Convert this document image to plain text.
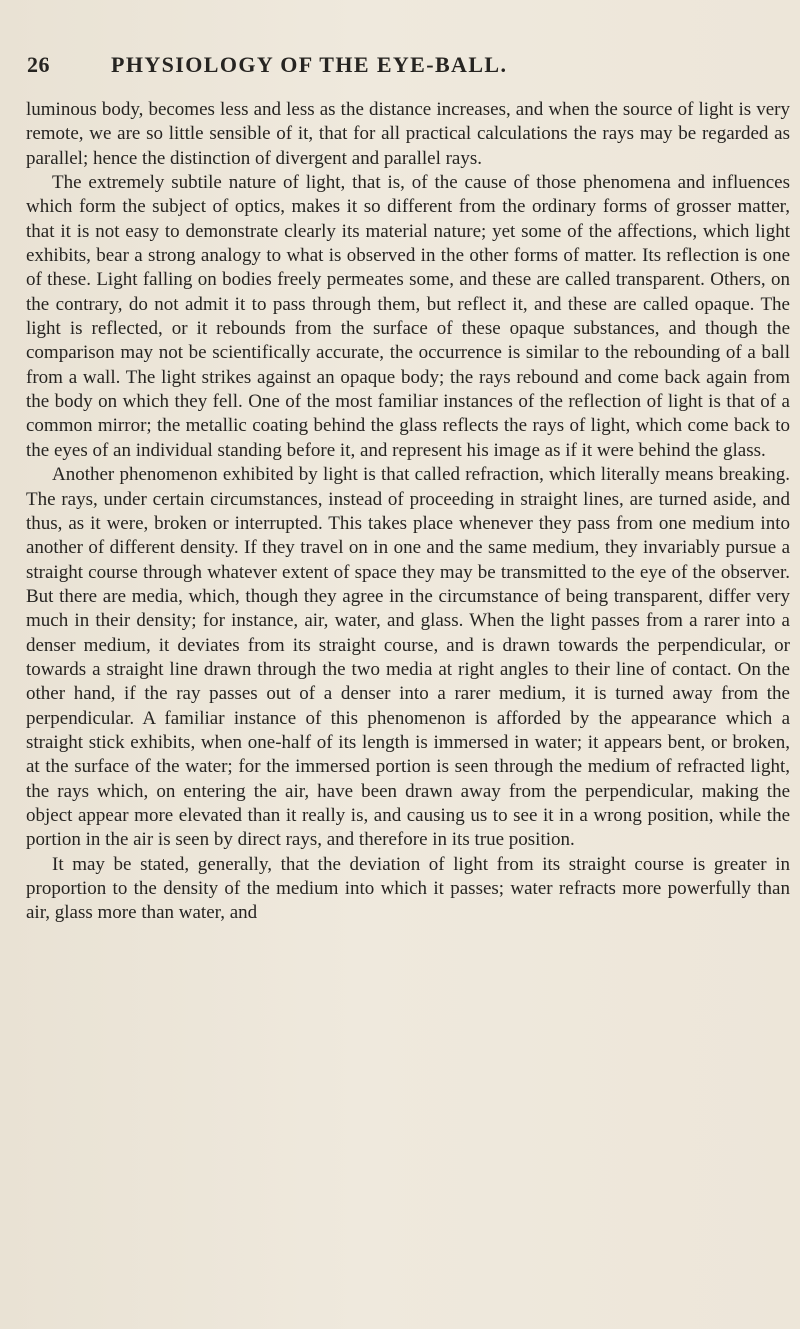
26	PHYSIOLOGY OF THE EYE-BALL.

luminous body, becomes less and less as the distance increases, and when the source of light is very remote, we are so little sensible of it, that for all practical calculations the rays may be regarded as parallel; hence the distinction of divergent and parallel rays.

The extremely subtile nature of light, that is, of the cause of those phenomena and influences which form the subject of optics, makes it so different from the ordinary forms of grosser matter, that it is not easy to demonstrate clearly its material nature; yet some of the affections, which light exhibits, bear a strong analogy to what is observed in the other forms of matter. Its reflection is one of these. Light falling on bodies freely permeates some, and these are called transparent. Others, on the contrary, do not admit it to pass through them, but reflect it, and these are called opaque. The light is reflected, or it rebounds from the surface of these opaque substances, and though the comparison may not be scientifically accurate, the occurrence is similar to the rebounding of a ball from a wall. The light strikes against an opaque body; the rays rebound and come back again from the body on which they fell. One of the most familiar instances of the reflection of light is that of a common mirror; the metallic coating behind the glass reflects the rays of light, which come back to the eyes of an individual standing before it, and represent his image as if it were behind the glass.

Another phenomenon exhibited by light is that called refraction, which literally means breaking. The rays, under certain circumstances, instead of proceeding in straight lines, are turned aside, and thus, as it were, broken or interrupted. This takes place whenever they pass from one medium into another of different density. If they travel on in one and the same medium, they invariably pursue a straight course through whatever extent of space they may be transmitted to the eye of the observer. But there are media, which, though they agree in the circumstance of being transparent, differ very much in their density; for instance, air, water, and glass. When the light passes from a rarer into a denser medium, it deviates from its straight course, and is drawn towards the perpendicular, or towards a straight line drawn through the two media at right angles to their line of contact. On the other hand, if the ray passes out of a denser into a rarer medium, it is turned away from the perpendicular. A familiar instance of this phenomenon is afforded by the appearance which a straight stick exhibits, when one-half of its length is immersed in water; it appears bent, or broken, at the surface of the water; for the immersed portion is seen through the medium of refracted light, the rays which, on entering the air, have been drawn away from the perpendicular, making the object appear more elevated than it really is, and causing us to see it in a wrong position, while the portion in the air is seen by direct rays, and therefore in its true position.

It may be stated, generally, that the deviation of light from its straight course is greater in proportion to the density of the medium into which it passes; water refracts more powerfully than air, glass more than water, and
